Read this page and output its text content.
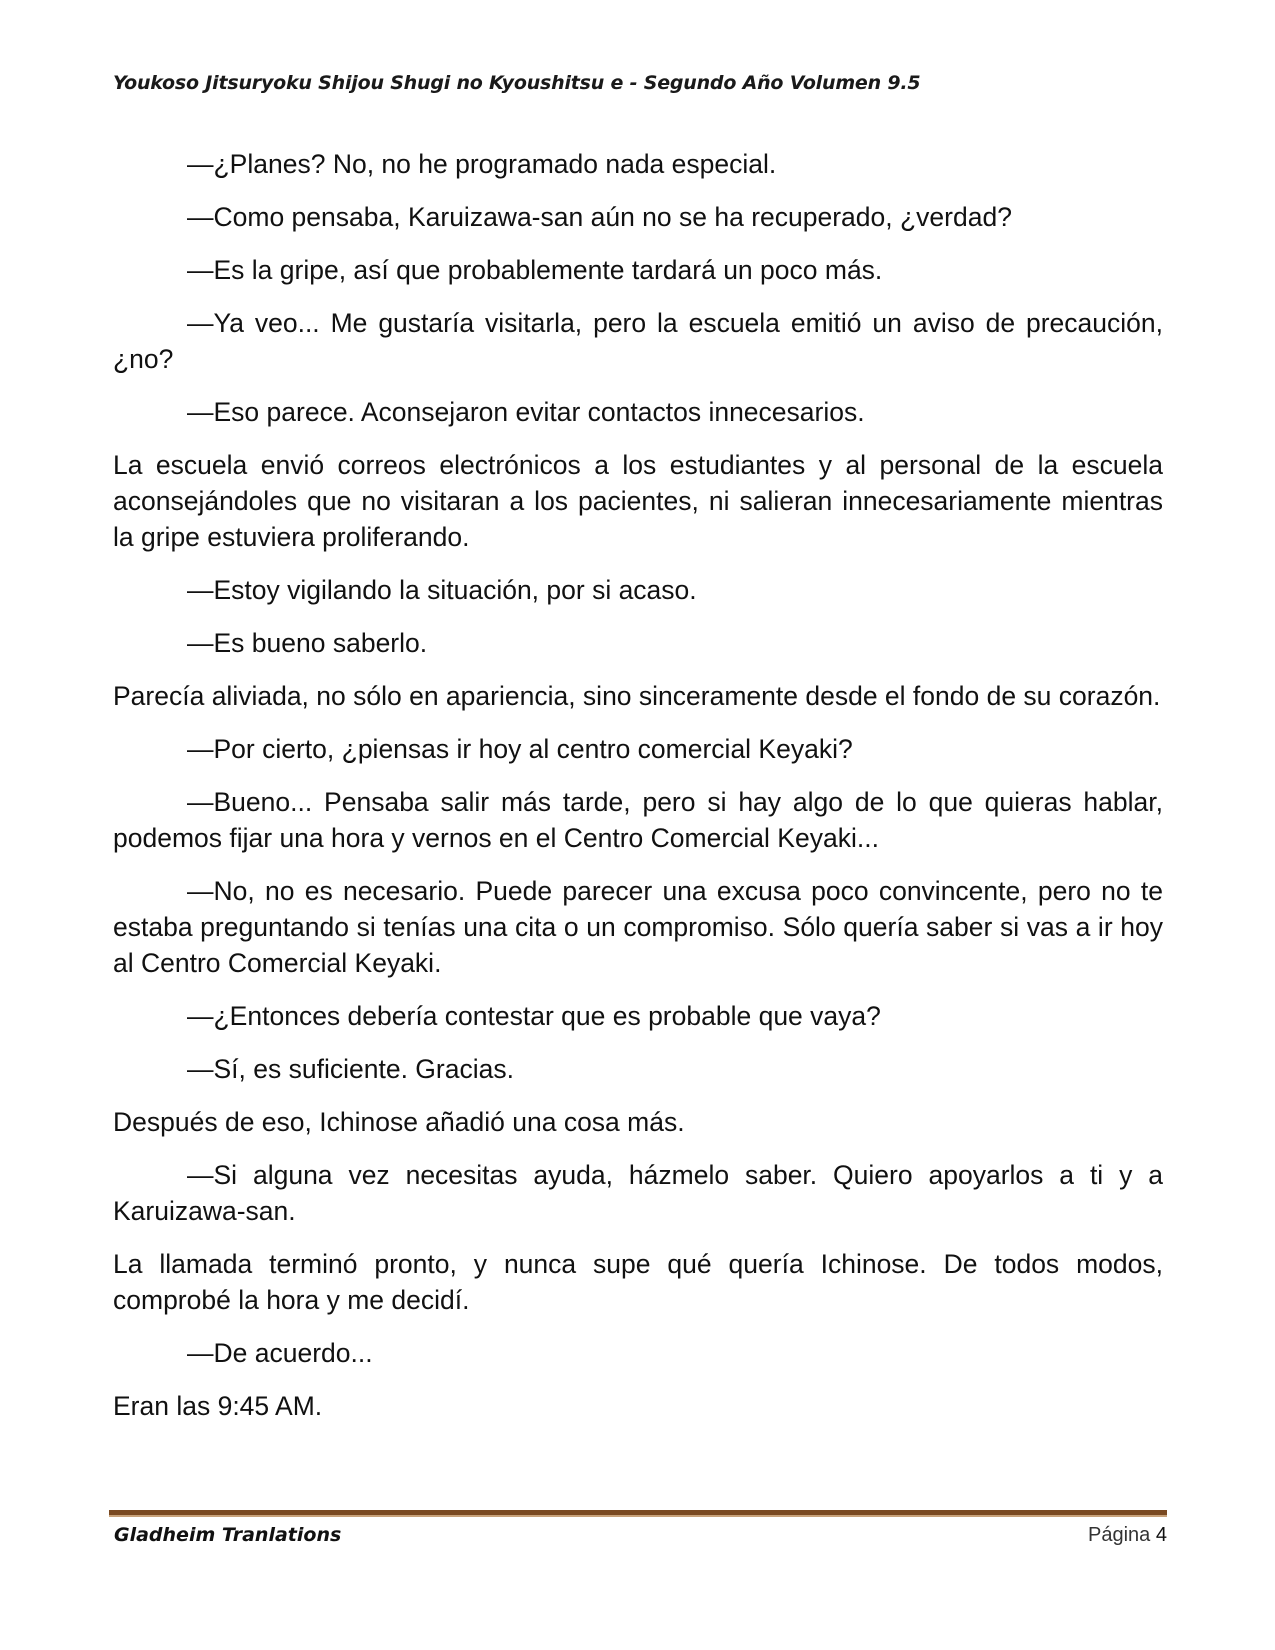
Youkoso Jitsuryoku Shijou Shugi no Kyoushitsu e - Segundo Año Volumen 9.5

—¿Planes? No, no he programado nada especial.

—Como pensaba, Karuizawa-san aún no se ha recuperado, ¿verdad?

—Es la gripe, así que probablemente tardará un poco más.

—Ya veo... Me gustaría visitarla, pero la escuela emitió un aviso de precaución, ¿no?

—Eso parece. Aconsejaron evitar contactos innecesarios.

La escuela envió correos electrónicos a los estudiantes y al personal de la escuela aconsejándoles que no visitaran a los pacientes, ni salieran innecesariamente mientras la gripe estuviera proliferando.

—Estoy vigilando la situación, por si acaso.

—Es bueno saberlo.

Parecía aliviada, no sólo en apariencia, sino sinceramente desde el fondo de su corazón.

—Por cierto, ¿piensas ir hoy al centro comercial Keyaki?

—Bueno... Pensaba salir más tarde, pero si hay algo de lo que quieras hablar, podemos fijar una hora y vernos en el Centro Comercial Keyaki...

—No, no es necesario. Puede parecer una excusa poco convincente, pero no te estaba preguntando si tenías una cita o un compromiso. Sólo quería saber si vas a ir hoy al Centro Comercial Keyaki.

—¿Entonces debería contestar que es probable que vaya?

—Sí, es suficiente. Gracias.

Después de eso, Ichinose añadió una cosa más.

—Si alguna vez necesitas ayuda, házmelo saber. Quiero apoyarlos a ti y a Karuizawa-san.

La llamada terminó pronto, y nunca supe qué quería Ichinose. De todos modos, comprobé la hora y me decidí.

—De acuerdo...

Eran las 9:45 AM.

Gladheim Tranlations	Página 4
